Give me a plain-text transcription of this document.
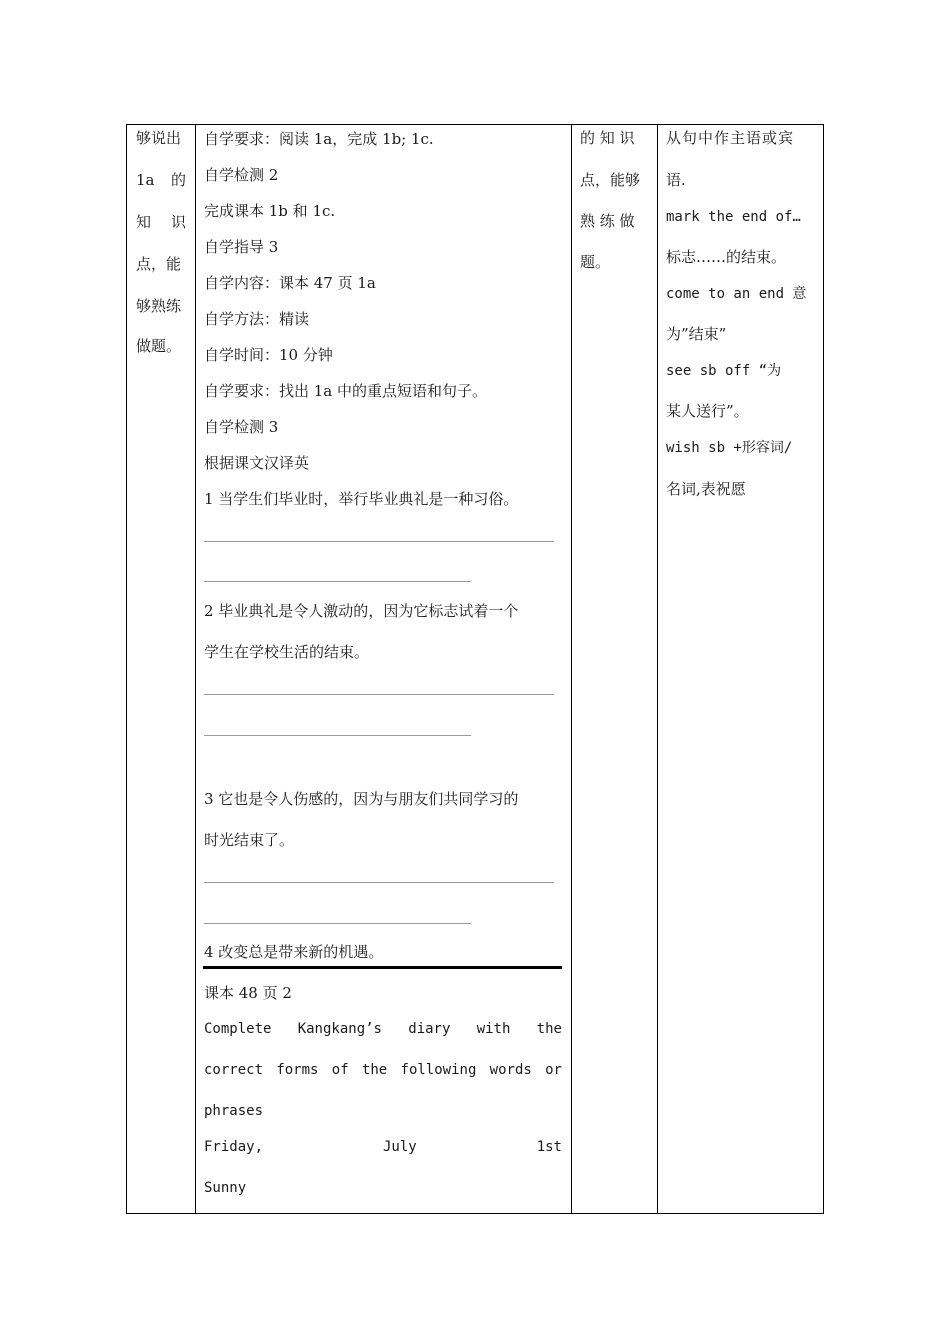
够说出
1a 的
知 识
点，能
够熟练
做题。
自学要求：阅读 1a，完成 1b; 1c.
自学检测 2
完成课本 1b 和 1c.
自学指导 3
自学内容：课本 47 页 1a
自学方法：精读
自学时间：10 分钟
自学要求：找出 1a 中的重点短语和句子。
自学检测 3
根据课文汉译英
1 当学生们毕业时，举行毕业典礼是一种习俗。
2 毕业典礼是令人激动的，因为它标志试着一个
学生在学校生活的结束。
3 它也是令人伤感的，因为与朋友们共同学习的
时光结束了。
4 改变总是带来新的机遇。
课本 48 页 2
Complete Kangkang’s diary with the
correct forms of the following words or
phrases
Friday,	July	1st
Sunny
的 知 识
点，能够
熟 练 做
题。
从句中作主语或宾
语.
mark the end of…
标志……的结束。
come to an end 意
为”结束”
see sb off “为
某人送行”。
wish sb +形容词/
名词,表祝愿
